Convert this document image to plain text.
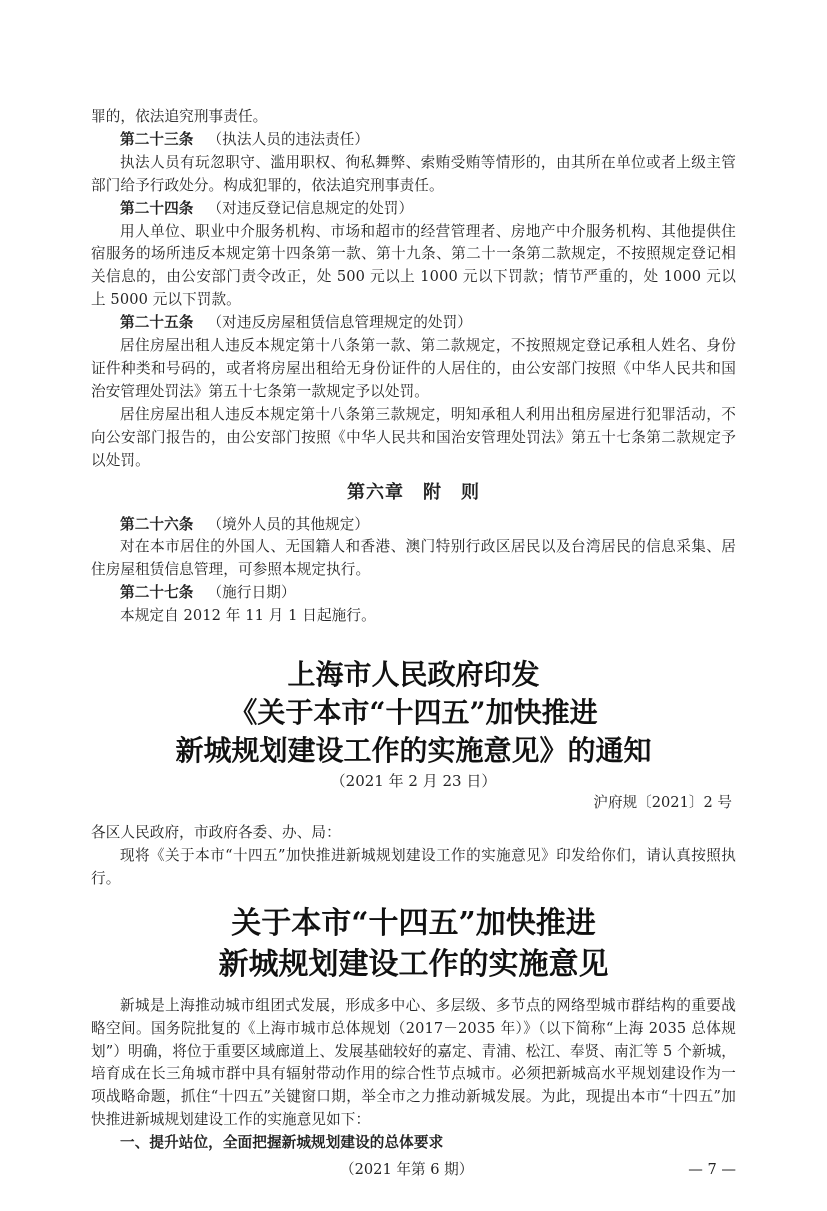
罪的，依法追究刑事责任。

第二十三条 （执法人员的违法责任）

执法人员有玩忽职守、滥用职权、徇私舞弊、索贿受贿等情形的，由其所在单位或者上级主管部门给予行政处分。构成犯罪的，依法追究刑事责任。

第二十四条 （对违反登记信息规定的处罚）

用人单位、职业中介服务机构、市场和超市的经营管理者、房地产中介服务机构、其他提供住宿服务的场所违反本规定第十四条第一款、第十九条、第二十一条第二款规定，不按照规定登记相关信息的，由公安部门责令改正，处 500 元以上 1000 元以下罚款；情节严重的，处 1000 元以上 5000 元以下罚款。

第二十五条 （对违反房屋租赁信息管理规定的处罚）

居住房屋出租人违反本规定第十八条第一款、第二款规定，不按照规定登记承租人姓名、身份证件种类和号码的，或者将房屋出租给无身份证件的人居住的，由公安部门按照《中华人民共和国治安管理处罚法》第五十七条第一款规定予以处罚。

居住房屋出租人违反本规定第十八条第三款规定，明知承租人利用出租房屋进行犯罪活动，不向公安部门报告的，由公安部门按照《中华人民共和国治安管理处罚法》第五十七条第二款规定予以处罚。

第六章　附　则

第二十六条 （境外人员的其他规定）

对在本市居住的外国人、无国籍人和香港、澳门特别行政区居民以及台湾居民的信息采集、居住房屋租赁信息管理，可参照本规定执行。

第二十七条 （施行日期）

本规定自 2012 年 11 月 1 日起施行。

上海市人民政府印发
《关于本市“十四五”加快推进
新城规划建设工作的实施意见》的通知
（2021 年 2 月 23 日）
沪府规〔2021〕2 号

各区人民政府，市政府各委、办、局：

现将《关于本市“十四五”加快推进新城规划建设工作的实施意见》印发给你们，请认真按照执行。

关于本市“十四五”加快推进
新城规划建设工作的实施意见

新城是上海推动城市组团式发展，形成多中心、多层级、多节点的网络型城市群结构的重要战略空间。国务院批复的《上海市城市总体规划（2017－2035 年）》（以下简称“上海 2035 总体规划”）明确，将位于重要区域廊道上、发展基础较好的嘉定、青浦、松江、奉贤、南汇等 5 个新城，培育成在长三角城市群中具有辐射带动作用的综合性节点城市。必须把新城高水平规划建设作为一项战略命题，抓住“十四五”关键窗口期，举全市之力推动新城发展。为此，现提出本市“十四五”加快推进新城规划建设工作的实施意见如下：

一、提升站位，全面把握新城规划建设的总体要求

（2021 年第 6 期）	— 7 —
